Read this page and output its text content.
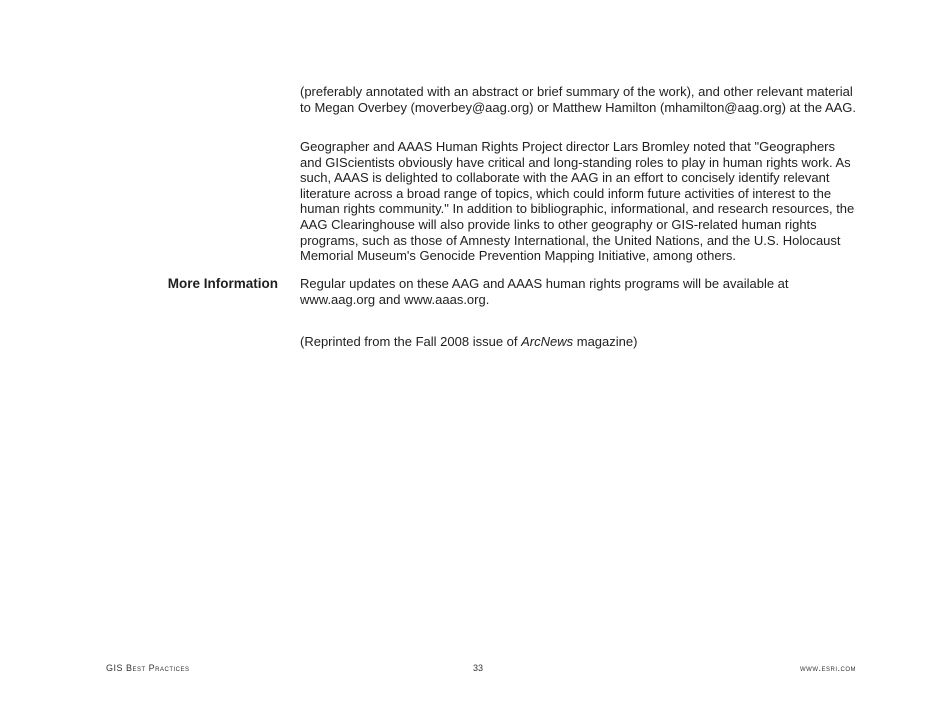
(preferably annotated with an abstract or brief summary of the work), and other relevant material to Megan Overbey (moverbey@aag.org) or Matthew Hamilton (mhamilton@aag.org) at the AAG.

Geographer and AAAS Human Rights Project director Lars Bromley noted that "Geographers and GIScientists obviously have critical and long-standing roles to play in human rights work. As such, AAAS is delighted to collaborate with the AAG in an effort to concisely identify relevant literature across a broad range of topics, which could inform future activities of interest to the human rights community." In addition to bibliographic, informational, and research resources, the AAG Clearinghouse will also provide links to other geography or GIS-related human rights programs, such as those of Amnesty International, the United Nations, and the U.S. Holocaust Memorial Museum's Genocide Prevention Mapping Initiative, among others.

More Information Regular updates on these AAG and AAAS human rights programs will be available at www.aag.org and www.aaas.org.

(Reprinted from the Fall 2008 issue of ArcNews magazine)

GIS Best Practices	33	www.esri.com
